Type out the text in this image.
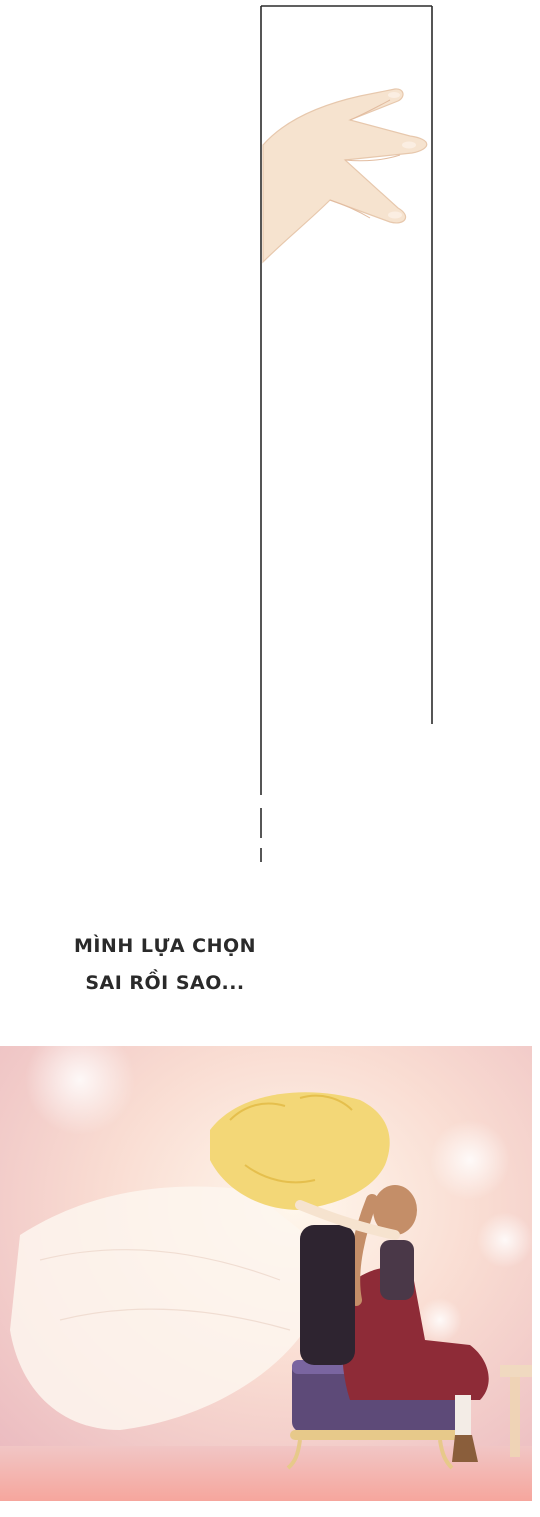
MÌNH LỰA CHỌN
SAI RỒI SAO...
